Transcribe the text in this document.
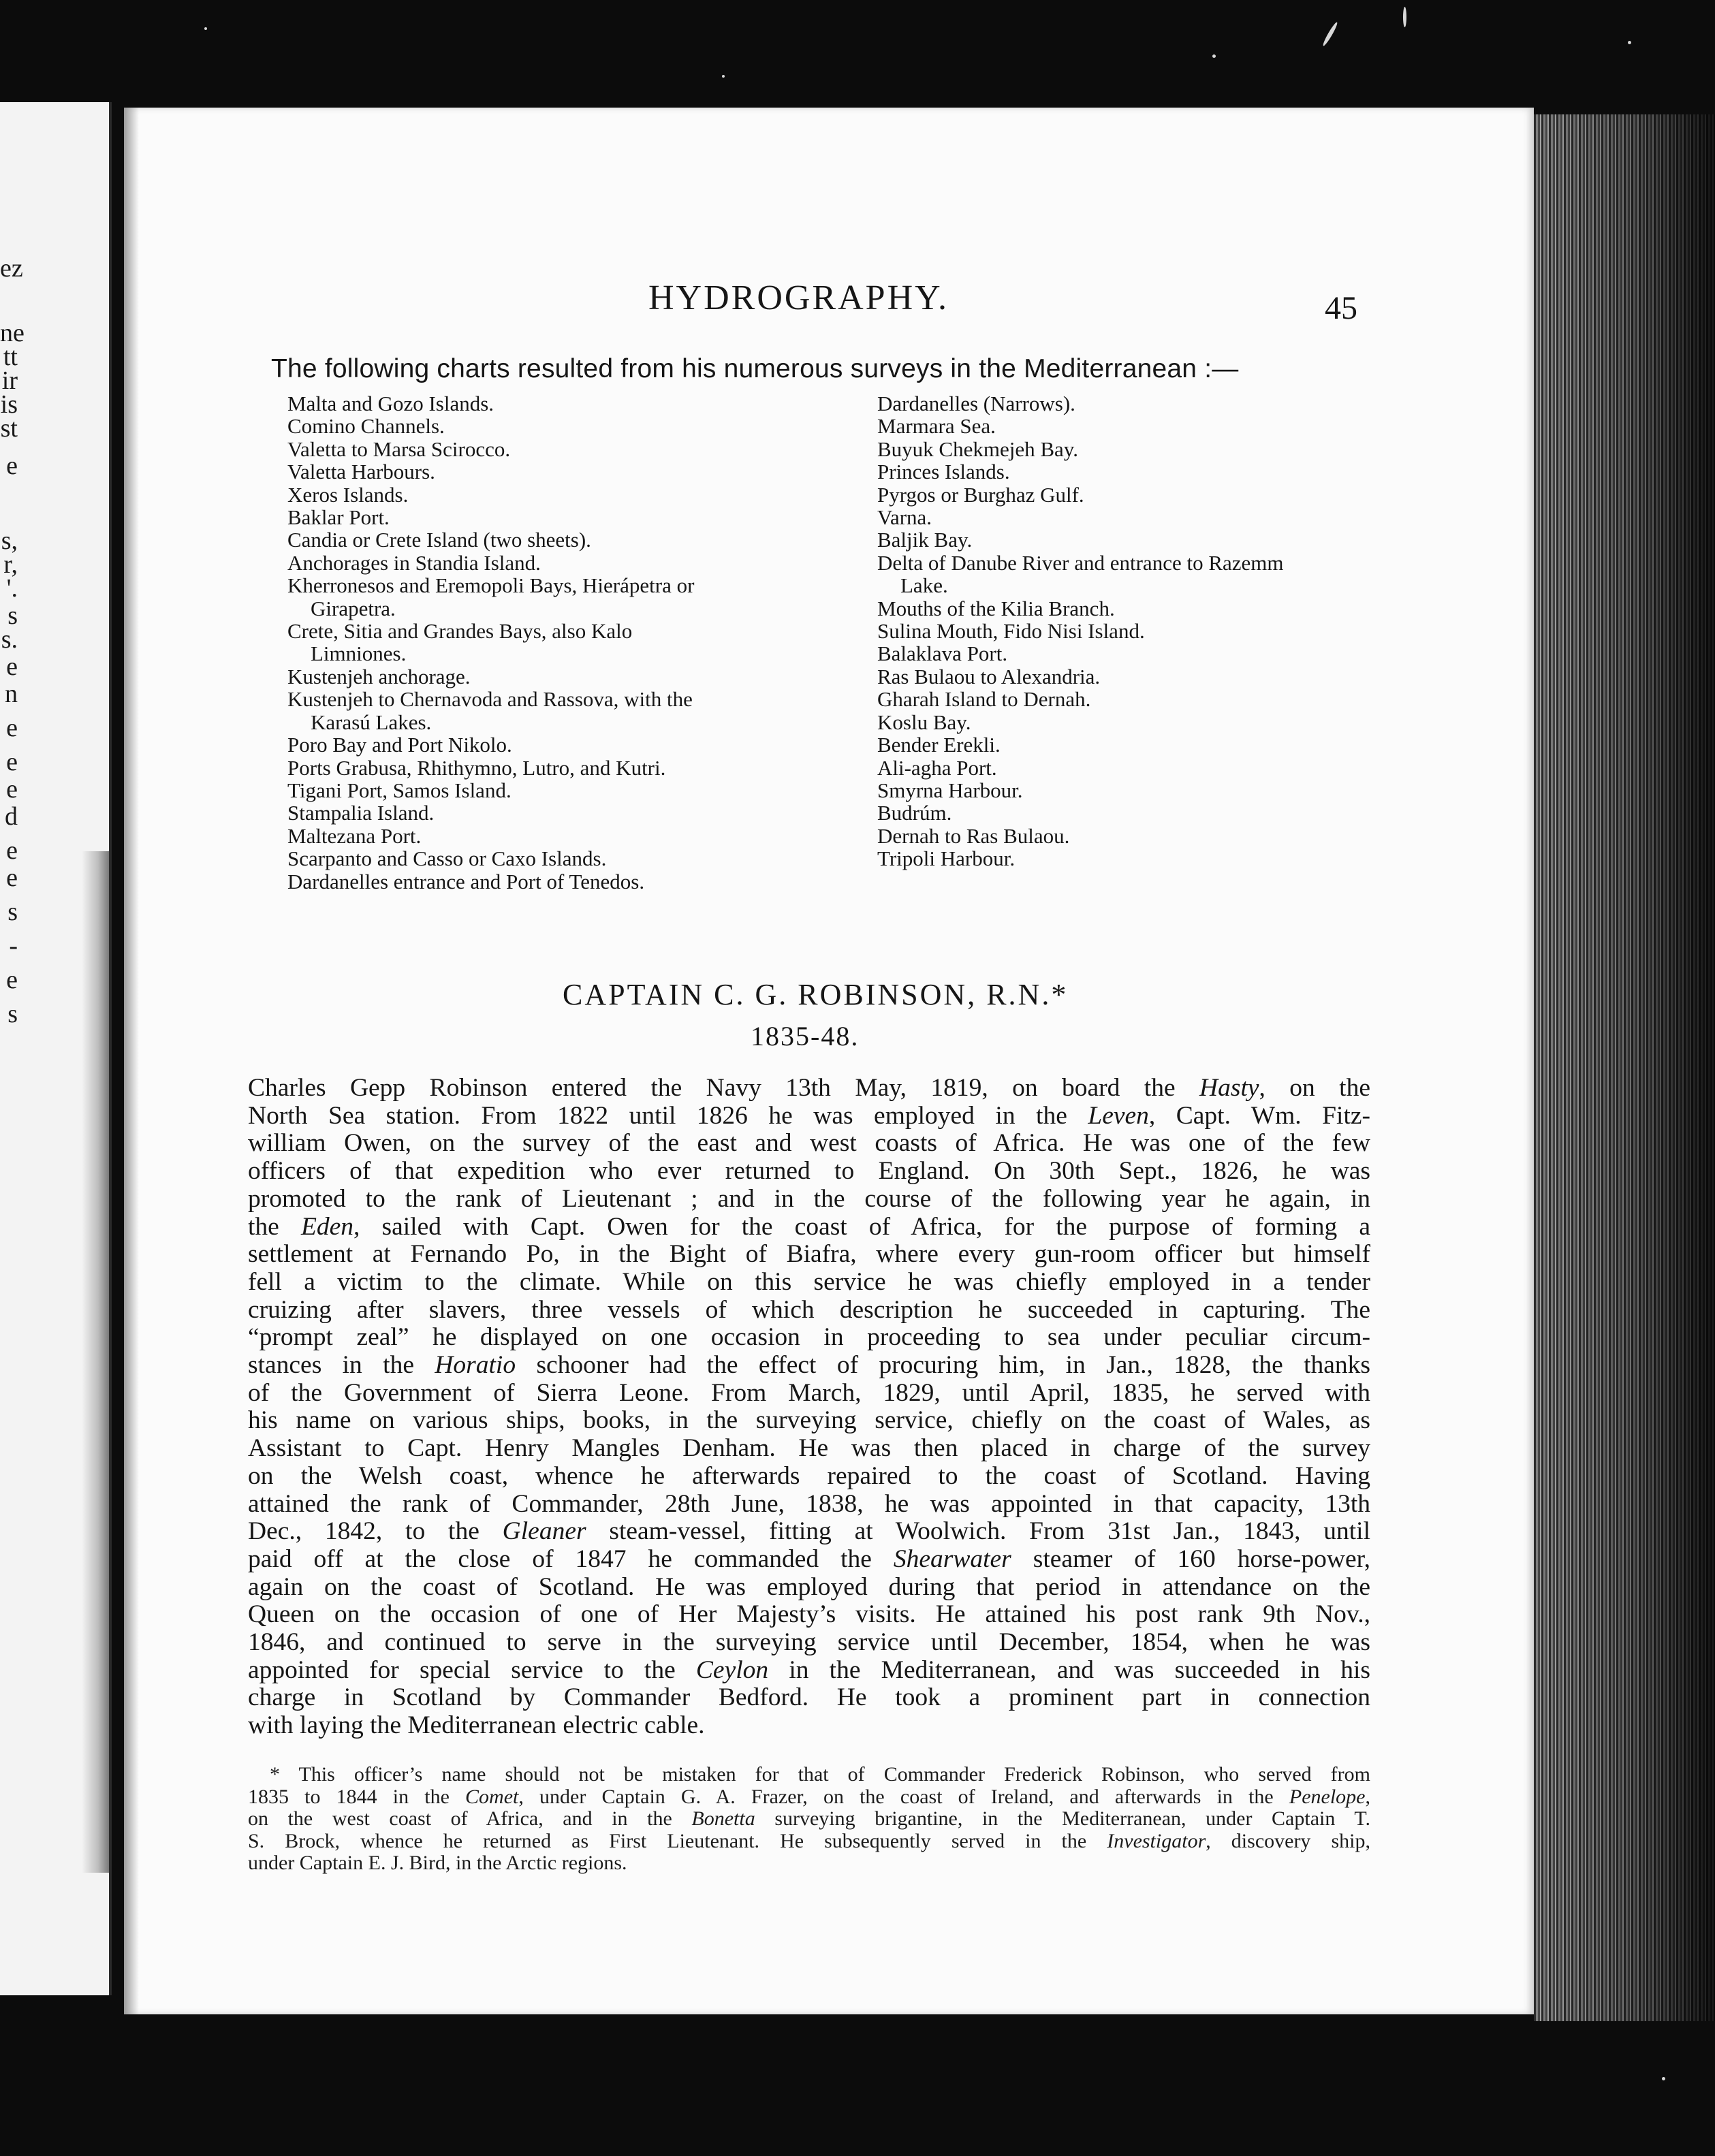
ez
ne
tt
ir
is
st
e
s,
r,
'.
s
s.
e
n
e
e
e
d
e
e
s
-
e
s
HYDROGRAPHY.	45
The following charts resulted from his numerous surveys in the Mediterranean :—
Malta and Gozo Islands.
Comino Channels.
Valetta to Marsa Scirocco.
Valetta Harbours.
Xeros Islands.
Baklar Port.
Candia or Crete Island (two sheets).
Anchorages in Standia Island.
Kherronesos and Eremopoli Bays, Hierápetra or
Girapetra.
Crete, Sitia and Grandes Bays, also Kalo
Limniones.
Kustenjeh anchorage.
Kustenjeh to Chernavoda and Rassova, with the
Karasú Lakes.
Poro Bay and Port Nikolo.
Ports Grabusa, Rhithymno, Lutro, and Kutri.
Tigani Port, Samos Island.
Stampalia Island.
Maltezana Port.
Scarpanto and Casso or Caxo Islands.
Dardanelles entrance and Port of Tenedos.
Dardanelles (Narrows).
Marmara Sea.
Buyuk Chekmejeh Bay.
Princes Islands.
Pyrgos or Burghaz Gulf.
Varna.
Baljik Bay.
Delta of Danube River and entrance to Razemm
Lake.
Mouths of the Kilia Branch.
Sulina Mouth, Fido Nisi Island.
Balaklava Port.
Ras Bulaou to Alexandria.
Gharah Island to Dernah.
Koslu Bay.
Bender Erekli.
Ali-agha Port.
Smyrna Harbour.
Budrúm.
Dernah to Ras Bulaou.
Tripoli Harbour.
CAPTAIN C. G. ROBINSON, R.N.*
1835-48.
Charles Gepp Robinson entered the Navy 13th May, 1819, on board the Hasty, on the
North Sea station. From 1822 until 1826 he was employed in the Leven, Capt. Wm. Fitz-
william Owen, on the survey of the east and west coasts of Africa. He was one of the few
officers of that expedition who ever returned to England. On 30th Sept., 1826, he was
promoted to the rank of Lieutenant ; and in the course of the following year he again, in
the Eden, sailed with Capt. Owen for the coast of Africa, for the purpose of forming a
settlement at Fernando Po, in the Bight of Biafra, where every gun-room officer but himself
fell a victim to the climate. While on this service he was chiefly employed in a tender
cruizing after slavers, three vessels of which description he succeeded in capturing. The
“prompt zeal” he displayed on one occasion in proceeding to sea under peculiar circum-
stances in the Horatio schooner had the effect of procuring him, in Jan., 1828, the thanks
of the Government of Sierra Leone. From March, 1829, until April, 1835, he served with
his name on various ships, books, in the surveying service, chiefly on the coast of Wales, as
Assistant to Capt. Henry Mangles Denham. He was then placed in charge of the survey
on the Welsh coast, whence he afterwards repaired to the coast of Scotland. Having
attained the rank of Commander, 28th June, 1838, he was appointed in that capacity, 13th
Dec., 1842, to the Gleaner steam-vessel, fitting at Woolwich. From 31st Jan., 1843, until
paid off at the close of 1847 he commanded the Shearwater steamer of 160 horse-power,
again on the coast of Scotland. He was employed during that period in attendance on the
Queen on the occasion of one of Her Majesty’s visits. He attained his post rank 9th Nov.,
1846, and continued to serve in the surveying service until December, 1854, when he was
appointed for special service to the Ceylon in the Mediterranean, and was succeeded in his
charge in Scotland by Commander Bedford. He took a prominent part in connection
with laying the Mediterranean electric cable.
* This officer’s name should not be mistaken for that of Commander Frederick Robinson, who served from
1835 to 1844 in the Comet, under Captain G. A. Frazer, on the coast of Ireland, and afterwards in the Penelope,
on the west coast of Africa, and in the Bonetta surveying brigantine, in the Mediterranean, under Captain T.
S. Brock, whence he returned as First Lieutenant. He subsequently served in the Investigator, discovery ship,
under Captain E. J. Bird, in the Arctic regions.
